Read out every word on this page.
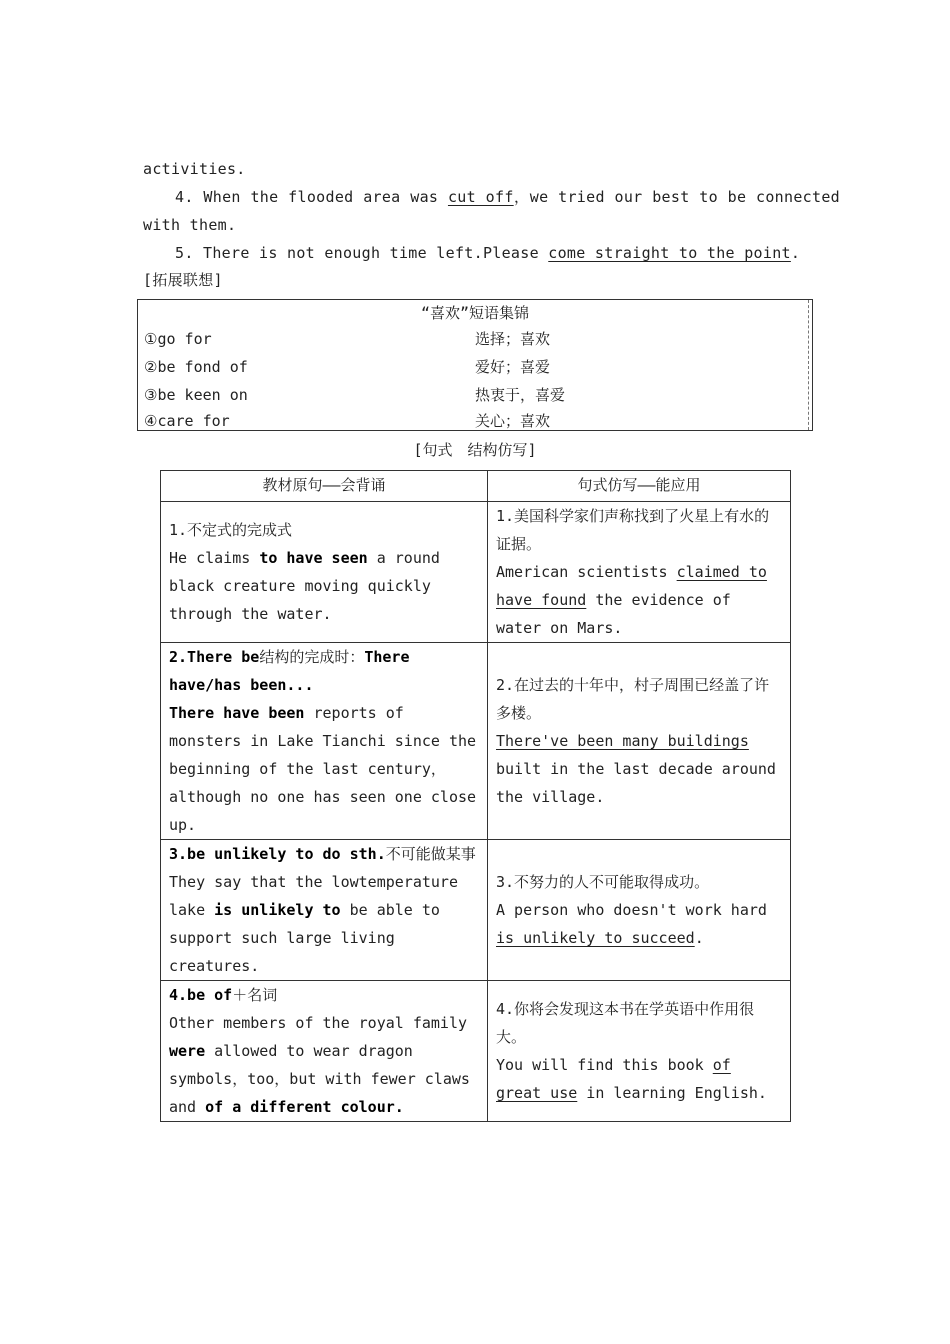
activities.
4. When the flooded area was cut off，we tried our best to be connected
with them.
5. There is not enough time left.Please come straight to the point.
[拓展联想]
“喜欢”短语集锦
①go for	选择；喜欢
②be fond of	爱好；喜爱
③be keen on	热衷于，喜爱
④care for	关心；喜欢
[句式　结构仿写]
教材原句——会背诵	句式仿写——能应用

1.不定式的完成式
He claims to have seen a round black creature moving quickly through the water.	1.美国科学家们声称找到了火星上有水的证据。
American scientists claimed to have found the evidence of water on Mars.

2.There be结构的完成时：There have/has been...
There have been reports of monsters in Lake Tianchi since the beginning of the last century，although no one has seen one close up.	2.在过去的十年中，村子周围已经盖了许多楼。
There've been many buildings built in the last decade around the village.

3.be unlikely to do sth.不可能做某事
They say that the lowtemperature lake is unlikely to be able to support such large living creatures.	3.不努力的人不可能取得成功。
A person who doesn't work hard is unlikely to succeed.

4.be of＋名词
Other members of the royal family were allowed to wear dragon symbols，too，but with fewer claws and of a different colour.	4.你将会发现这本书在学英语中作用很大。
You will find this book of great use in learning English.
